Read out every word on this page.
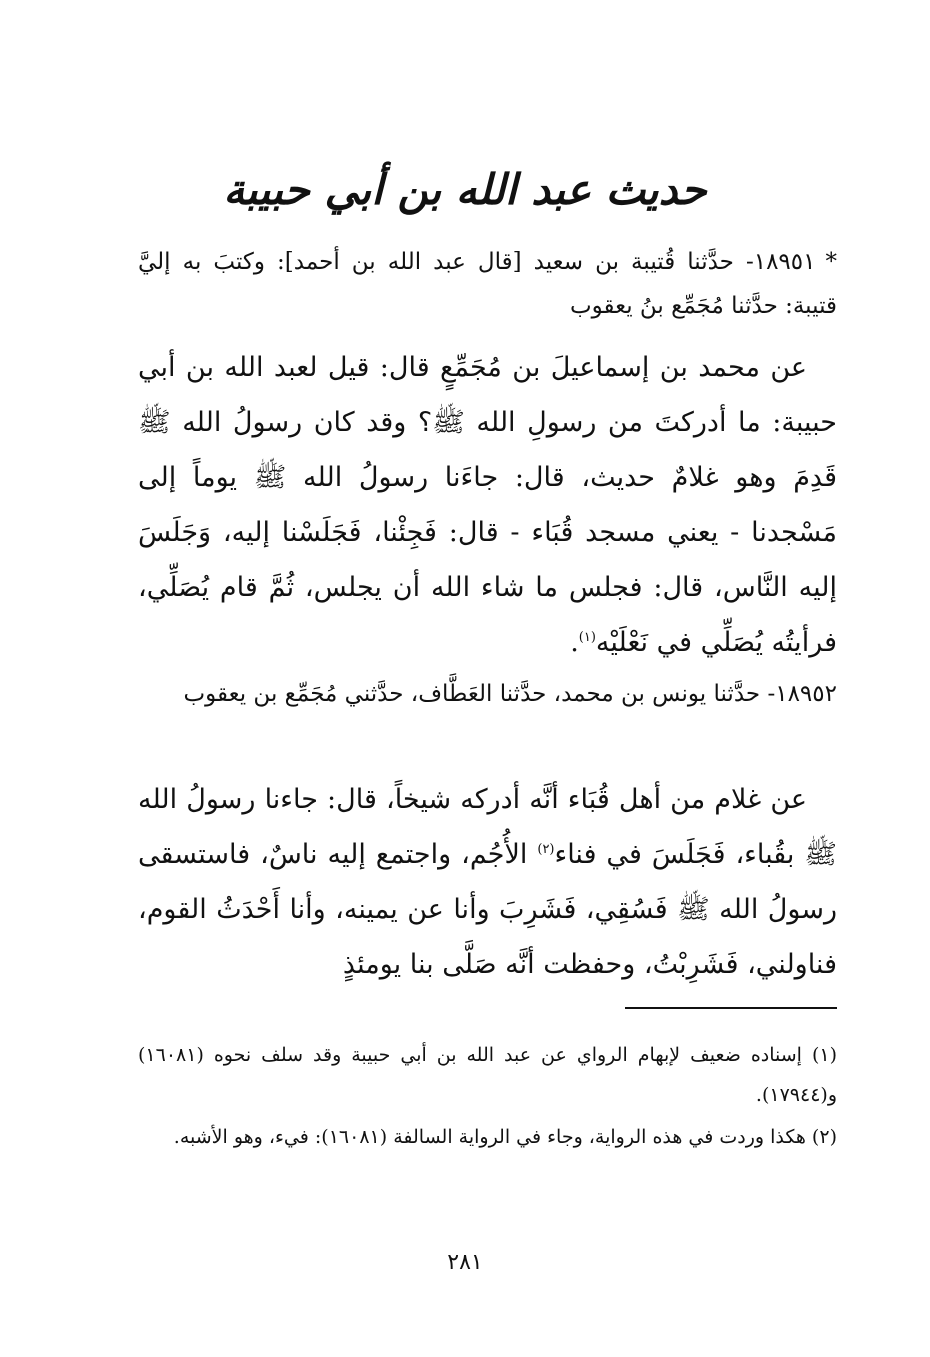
حديث عبد الله بن أبي حبيبة
*١٨٩٥١- حدَّثنا قُتيبة بن سعيد [قال عبد الله بن أحمد]: وكتبَ به إليَّ قتيبة: حدَّثنا مُجَمِّع بنُ يعقوب
عن محمد بن إسماعيلَ بن مُجَمِّعٍ قال: قيل لعبد الله بن أبي حبيبة: ما أدركتَ من رسولِ الله ﷺ؟ وقد كان رسولُ الله ﷺ قَدِمَ وهو غلامٌ حديث، قال: جاءَنا رسولُ الله ﷺ يوماً إلى مَسْجدنا - يعني مسجد قُبَاء - قال: فَجِئْنا، فَجَلَسْنا إليه، وَجَلَسَ إليه النَّاس، قال: فجلس ما شاء الله أن يجلس، ثُمَّ قام يُصَلِّي، فرأيتُه يُصَلِّي في نَعْلَيْه$^{(١)}$.
١٨٩٥٢- حدَّثنا يونس بن محمد، حدَّثنا العَطَّاف، حدَّثني مُجَمِّع بن يعقوب
عن غلام من أهل قُبَاء أنَّه أدركه شيخاً، قال: جاءنا رسولُ الله ﷺ بقُباء، فَجَلَسَ في فناء$^{(٢)}$ الأُجُم، واجتمع إليه ناسٌ، فاستسقى رسولُ الله ﷺ فَسُقِي، فَشَرِبَ وأنا عن يمينه، وأنا أَحْدَثُ القوم، فناولني، فَشَرِبْتُ، وحفظت أنَّه صَلَّى بنا يومئذٍ
(١) إسناده ضعيف لإبهام الرواي عن عبد الله بن أبي حبيبة وقد سلف نحوه (١٦٠٨١) و(١٧٩٤٤).
(٢) هكذا وردت في هذه الرواية، وجاء في الرواية السالفة (١٦٠٨١): فيء، وهو الأشبه.
٢٨١
